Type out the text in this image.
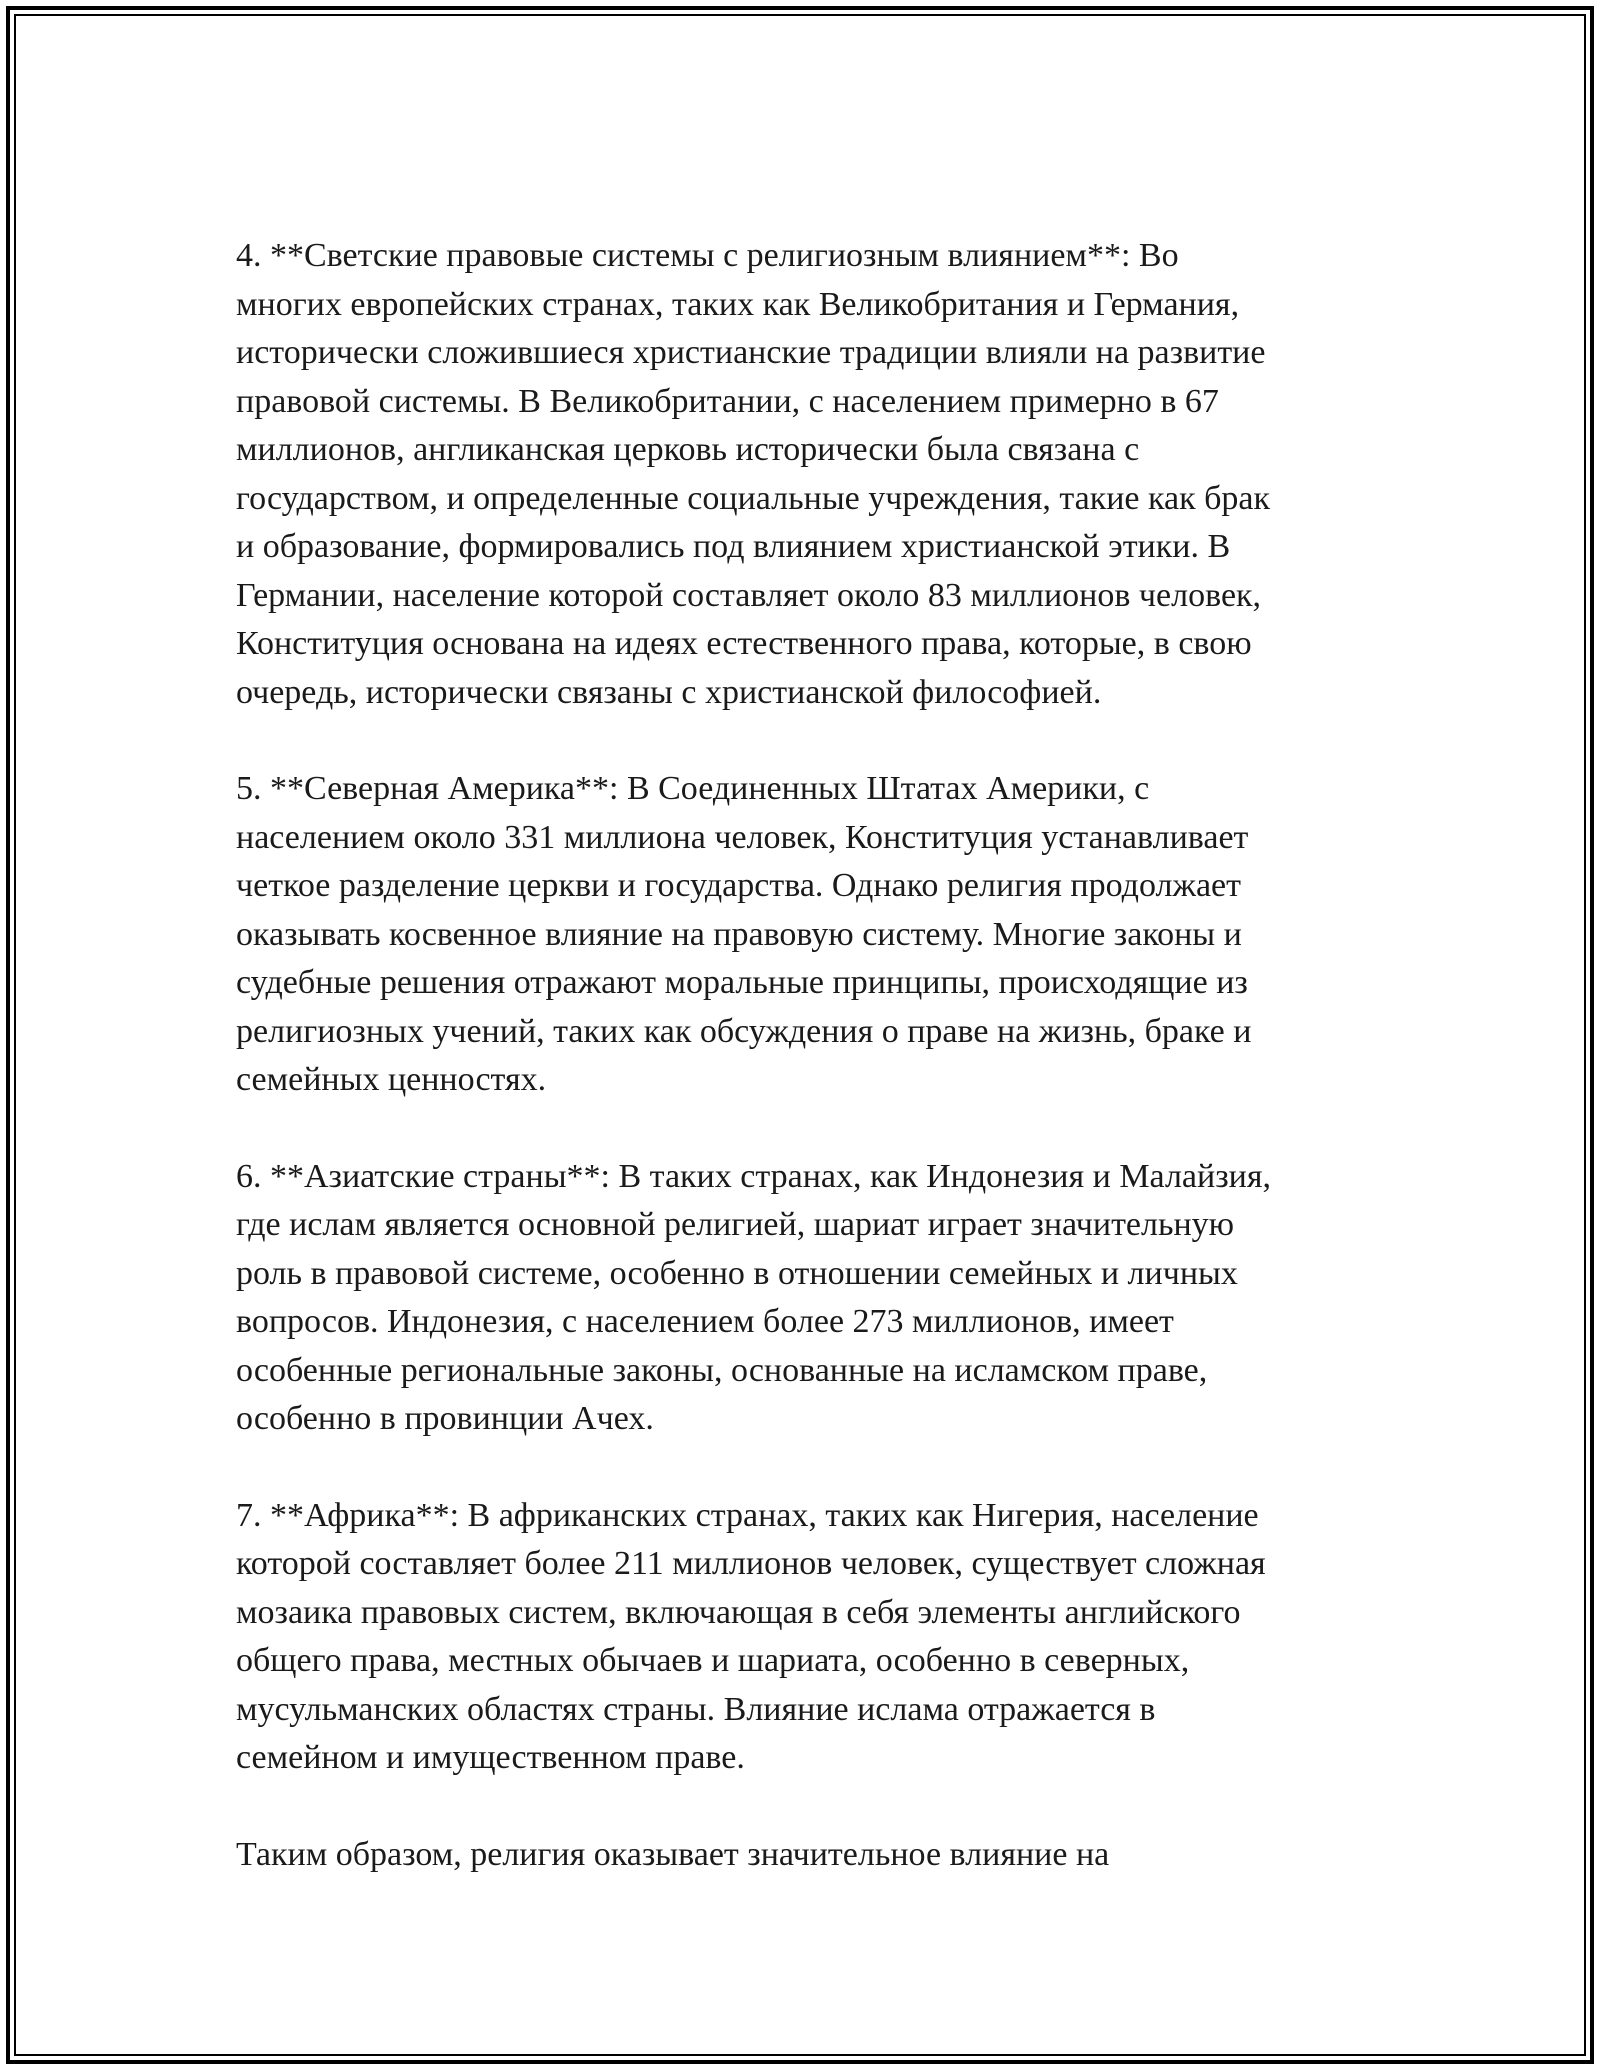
4. **Светские правовые системы с религиозным влиянием**: Во
многих европейских странах, таких как Великобритания и Германия,
исторически сложившиеся христианские традиции влияли на развитие
правовой системы. В Великобритании, с населением примерно в 67
миллионов, англиканская церковь исторически была связана с
государством, и определенные социальные учреждения, такие как брак
и образование, формировались под влиянием христианской этики. В
Германии, население которой составляет около 83 миллионов человек,
Конституция основана на идеях естественного права, которые, в свою
очередь, исторически связаны с христианской философией.
5. **Северная Америка**: В Соединенных Штатах Америки, с
населением около 331 миллиона человек, Конституция устанавливает
четкое разделение церкви и государства. Однако религия продолжает
оказывать косвенное влияние на правовую систему. Многие законы и
судебные решения отражают моральные принципы, происходящие из
религиозных учений, таких как обсуждения о праве на жизнь, браке и
семейных ценностях.
6. **Азиатские страны**: В таких странах, как Индонезия и Малайзия,
где ислам является основной религией, шариат играет значительную
роль в правовой системе, особенно в отношении семейных и личных
вопросов. Индонезия, с населением более 273 миллионов, имеет
особенные региональные законы, основанные на исламском праве,
особенно в провинции Ачех.
7. **Африка**: В африканских странах, таких как Нигерия, население
которой составляет более 211 миллионов человек, существует сложная
мозаика правовых систем, включающая в себя элементы английского
общего права, местных обычаев и шариата, особенно в северных,
мусульманских областях страны. Влияние ислама отражается в
семейном и имущественном праве.
Таким образом, религия оказывает значительное влияние на
